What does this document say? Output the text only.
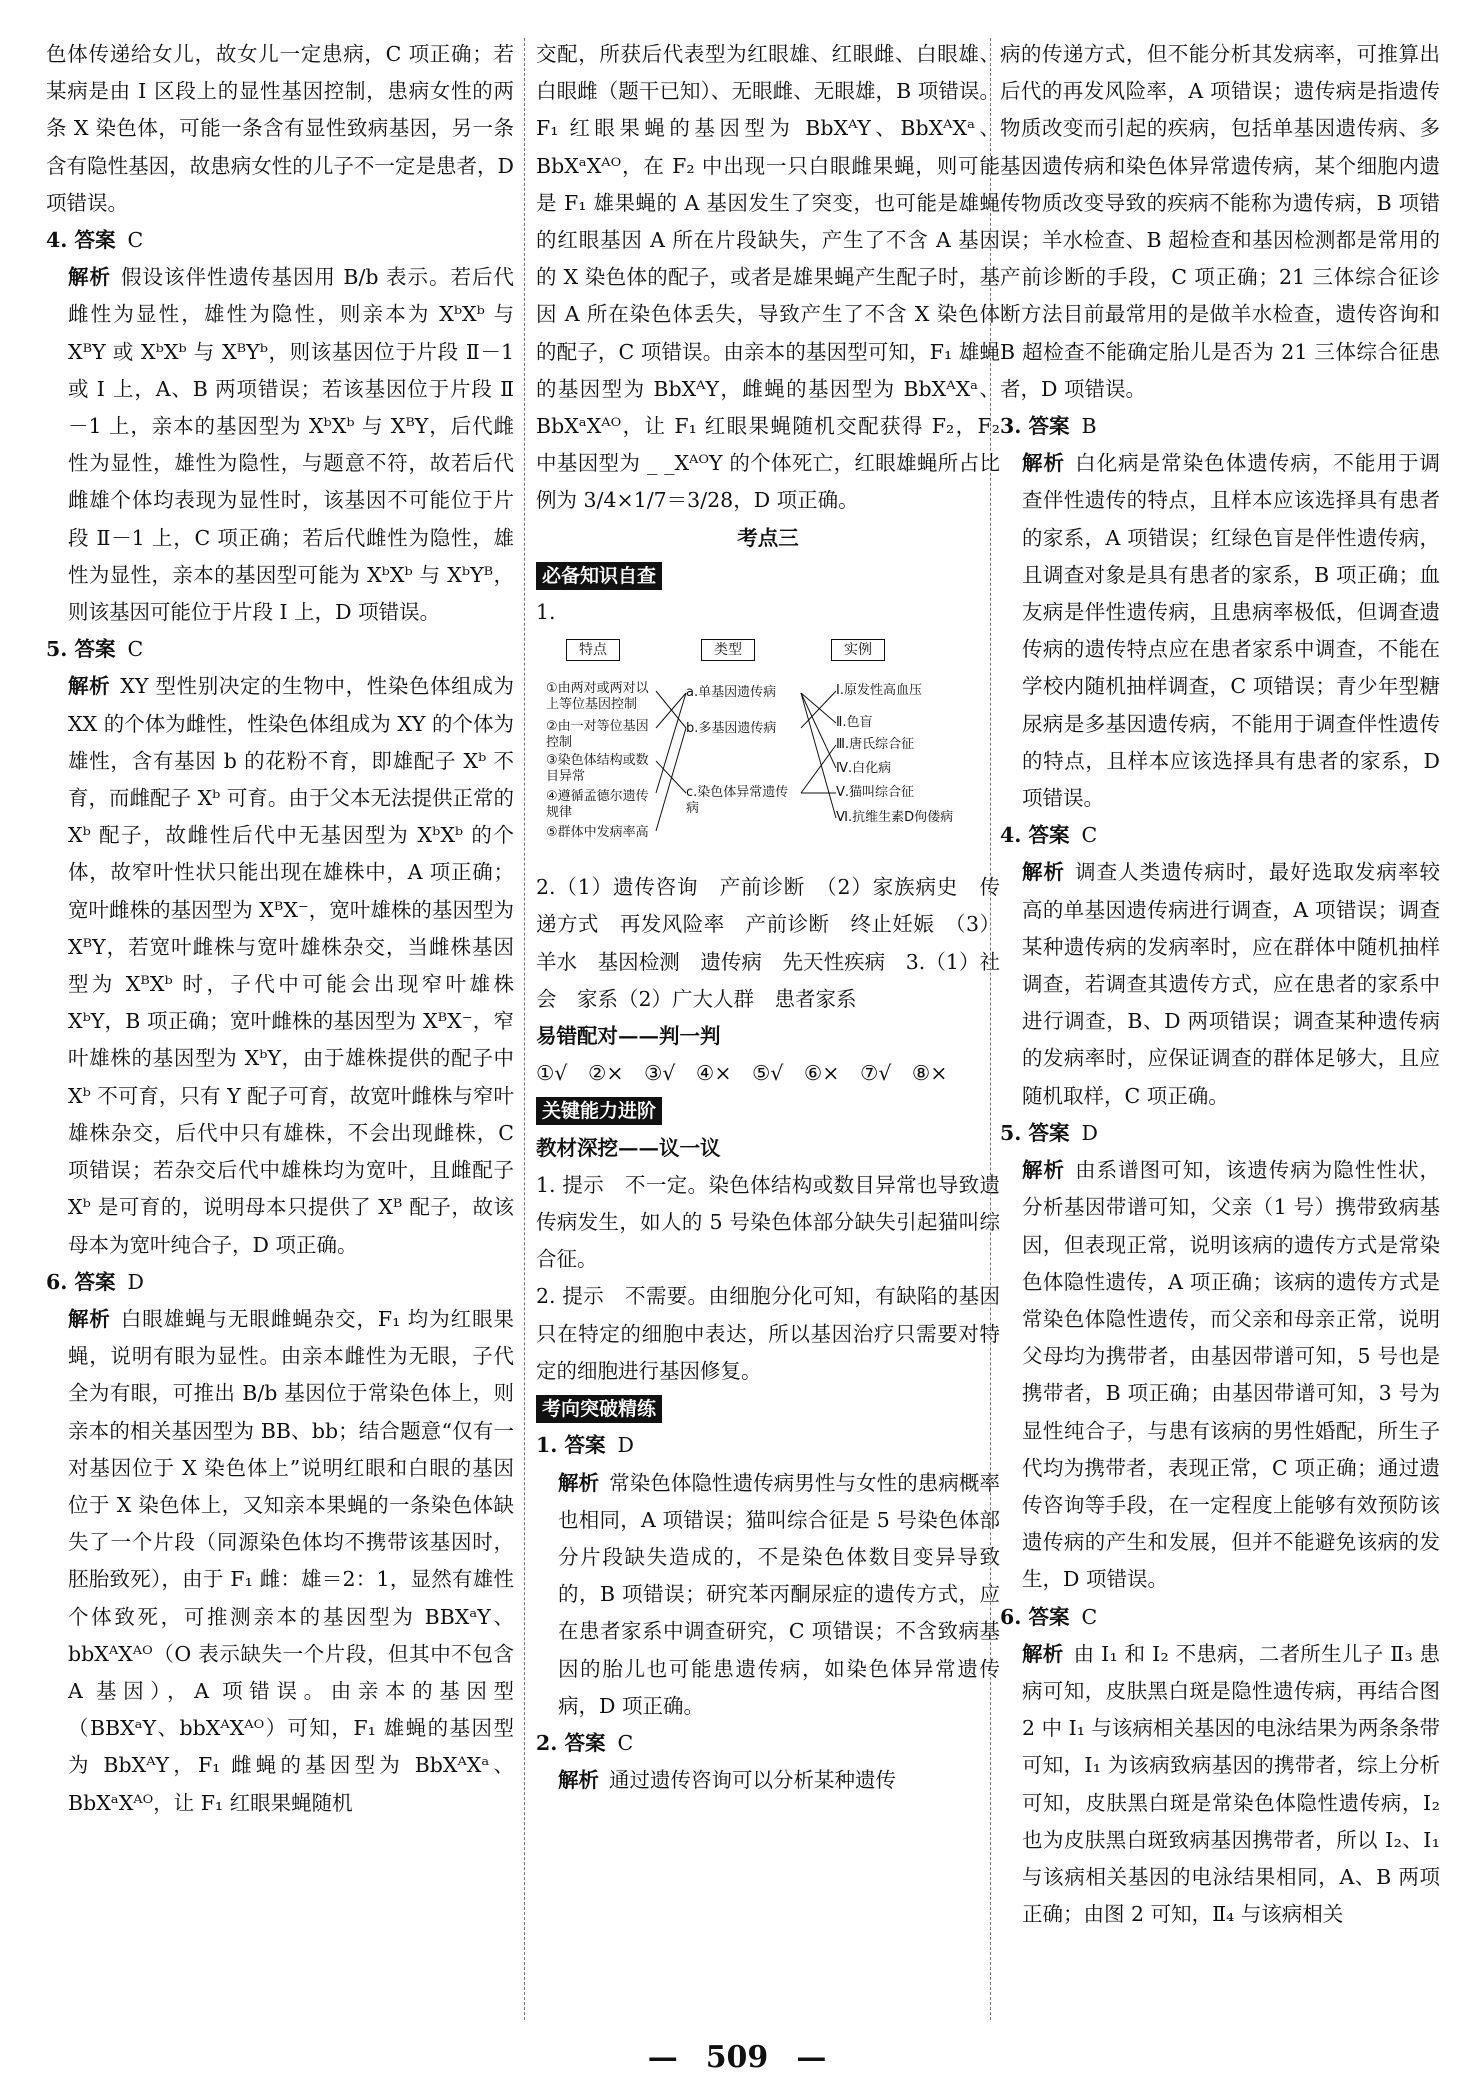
色体传递给女儿，故女儿一定患病，C 项正确；若某病是由 Ⅰ 区段上的显性基因控制，患病女性的两条 X 染色体，可能一条含有显性致病基因，另一条含有隐性基因，故患病女性的儿子不一定是患者，D 项错误。

4. 答案 C

解析 假设该伴性遗传基因用 B/b 表示。若后代雌性为显性，雄性为隐性，则亲本为 XᵇXᵇ 与 XᴮY 或 XᵇXᵇ 与 XᴮYᵇ，则该基因位于片段 Ⅱ－1 或 Ⅰ 上，A、B 两项错误；若该基因位于片段 Ⅱ－1 上，亲本的基因型为 XᵇXᵇ 与 XᴮY，后代雌性为显性，雄性为隐性，与题意不符，故若后代雌雄个体均表现为显性时，该基因不可能位于片段 Ⅱ－1 上，C 项正确；若后代雌性为隐性，雄性为显性，亲本的基因型可能为 XᵇXᵇ 与 XᵇYᴮ，则该基因可能位于片段 Ⅰ 上，D 项错误。

5. 答案 C

解析 XY 型性别决定的生物中，性染色体组成为 XX 的个体为雌性，性染色体组成为 XY 的个体为雄性，含有基因 b 的花粉不育，即雄配子 Xᵇ 不育，而雌配子 Xᵇ 可育。由于父本无法提供正常的 Xᵇ 配子，故雌性后代中无基因型为 XᵇXᵇ 的个体，故窄叶性状只能出现在雄株中，A 项正确；宽叶雌株的基因型为 XᴮX⁻，宽叶雄株的基因型为 XᴮY，若宽叶雌株与宽叶雄株杂交，当雌株基因型为 XᴮXᵇ 时，子代中可能会出现窄叶雄株 XᵇY，B 项正确；宽叶雌株的基因型为 XᴮX⁻，窄叶雄株的基因型为 XᵇY，由于雄株提供的配子中 Xᵇ 不可育，只有 Y 配子可育，故宽叶雌株与窄叶雄株杂交，后代中只有雄株，不会出现雌株，C 项错误；若杂交后代中雄株均为宽叶，且雌配子 Xᵇ 是可育的，说明母本只提供了 Xᴮ 配子，故该母本为宽叶纯合子，D 项正确。

6. 答案 D

解析 白眼雄蝇与无眼雌蝇杂交，F₁ 均为红眼果蝇，说明有眼为显性。由亲本雌性为无眼，子代全为有眼，可推出 B/b 基因位于常染色体上，则亲本的相关基因型为 BB、bb；结合题意“仅有一对基因位于 X 染色体上”说明红眼和白眼的基因位于 X 染色体上，又知亲本果蝇的一条染色体缺失了一个片段（同源染色体均不携带该基因时，胚胎致死），由于 F₁ 雌：雄＝2：1，显然有雄性个体致死，可推测亲本的基因型为 BBXᵃY、bbXᴬXᴬᴼ（O 表示缺失一个片段，但其中不包含 A 基因），A 项错误。由亲本的基因型（BBXᵃY、bbXᴬXᴬᴼ）可知，F₁ 雄蝇的基因型为 BbXᴬY，F₁ 雌蝇的基因型为 BbXᴬXᵃ、BbXᵃXᴬᴼ，让 F₁ 红眼果蝇随机

交配，所获后代表型为红眼雄、红眼雌、白眼雄、白眼雌（题干已知）、无眼雌、无眼雄，B 项错误。F₁ 红眼果蝇的基因型为 BbXᴬY、BbXᴬXᵃ、BbXᵃXᴬᴼ，在 F₂ 中出现一只白眼雌果蝇，则可能是 F₁ 雄果蝇的 A 基因发生了突变，也可能是雄蝇的红眼基因 A 所在片段缺失，产生了不含 A 基因的 X 染色体的配子，或者是雄果蝇产生配子时，基因 A 所在染色体丢失，导致产生了不含 X 染色体的配子，C 项错误。由亲本的基因型可知，F₁ 雄蝇的基因型为 BbXᴬY，雌蝇的基因型为 BbXᴬXᵃ、BbXᵃXᴬᴼ，让 F₁ 红眼果蝇随机交配获得 F₂，F₂ 中基因型为 _ _XᴬᴼY 的个体死亡，红眼雄蝇所占比例为 3/4×1/7＝3/28，D 项正确。

考点三

必备知识自查

1.

特点	类型	实例
①由两对或两对以上等位基因控制
②由一对等位基因控制
③染色体结构或数目异常
④遵循孟德尔遗传规律
⑤群体中发病率高
a.单基因遗传病
b.多基因遗传病
c.染色体异常遗传病
Ⅰ.原发性高血压
Ⅱ.色盲
Ⅲ.唐氏综合征
Ⅳ.白化病
Ⅴ.猫叫综合征
Ⅵ.抗维生素D佝偻病

2.（1）遗传咨询　产前诊断　（2）家族病史　传递方式　再发风险率　产前诊断　终止妊娠　（3）羊水　基因检测　遗传病　先天性疾病　3.（1）社会　家系（2）广大人群　患者家系

易错配对——判一判

①√　②×　③√　④×　⑤√　⑥×　⑦√　⑧×

关键能力进阶

教材深挖——议一议

1. 提示　不一定。染色体结构或数目异常也导致遗传病发生，如人的 5 号染色体部分缺失引起猫叫综合征。

2. 提示　不需要。由细胞分化可知，有缺陷的基因只在特定的细胞中表达，所以基因治疗只需要对特定的细胞进行基因修复。

考向突破精练

1. 答案 D

解析 常染色体隐性遗传病男性与女性的患病概率也相同，A 项错误；猫叫综合征是 5 号染色体部分片段缺失造成的，不是染色体数目变异导致的，B 项错误；研究苯丙酮尿症的遗传方式，应在患者家系中调查研究，C 项错误；不含致病基因的胎儿也可能患遗传病，如染色体异常遗传病，D 项正确。

2. 答案 C

解析 通过遗传咨询可以分析某种遗传

病的传递方式，但不能分析其发病率，可推算出后代的再发风险率，A 项错误；遗传病是指遗传物质改变而引起的疾病，包括单基因遗传病、多基因遗传病和染色体异常遗传病，某个细胞内遗传物质改变导致的疾病不能称为遗传病，B 项错误；羊水检查、B 超检查和基因检测都是常用的产前诊断的手段，C 项正确；21 三体综合征诊断方法目前最常用的是做羊水检查，遗传咨询和 B 超检查不能确定胎儿是否为 21 三体综合征患者，D 项错误。

3. 答案 B

解析 白化病是常染色体遗传病，不能用于调查伴性遗传的特点，且样本应该选择具有患者的家系，A 项错误；红绿色盲是伴性遗传病，且调查对象是具有患者的家系，B 项正确；血友病是伴性遗传病，且患病率极低，但调查遗传病的遗传特点应在患者家系中调查，不能在学校内随机抽样调查，C 项错误；青少年型糖尿病是多基因遗传病，不能用于调查伴性遗传的特点，且样本应该选择具有患者的家系，D 项错误。

4. 答案 C

解析 调查人类遗传病时，最好选取发病率较高的单基因遗传病进行调查，A 项错误；调查某种遗传病的发病率时，应在群体中随机抽样调查，若调查其遗传方式，应在患者的家系中进行调查，B、D 两项错误；调查某种遗传病的发病率时，应保证调查的群体足够大，且应随机取样，C 项正确。

5. 答案 D

解析 由系谱图可知，该遗传病为隐性性状，分析基因带谱可知，父亲（1 号）携带致病基因，但表现正常，说明该病的遗传方式是常染色体隐性遗传，A 项正确；该病的遗传方式是常染色体隐性遗传，而父亲和母亲正常，说明父母均为携带者，由基因带谱可知，5 号也是携带者，B 项正确；由基因带谱可知，3 号为显性纯合子，与患有该病的男性婚配，所生子代均为携带者，表现正常，C 项正确；通过遗传咨询等手段，在一定程度上能够有效预防该遗传病的产生和发展，但并不能避免该病的发生，D 项错误。

6. 答案 C

解析 由 Ⅰ₁ 和 Ⅰ₂ 不患病，二者所生儿子 Ⅱ₃ 患病可知，皮肤黑白斑是隐性遗传病，再结合图 2 中 Ⅰ₁ 与该病相关基因的电泳结果为两条条带可知，Ⅰ₁ 为该病致病基因的携带者，综上分析可知，皮肤黑白斑是常染色体隐性遗传病，Ⅰ₂ 也为皮肤黑白斑致病基因携带者，所以 Ⅰ₂、Ⅰ₁ 与该病相关基因的电泳结果相同，A、B 两项正确；由图 2 可知，Ⅱ₄ 与该病相关

— 509 —
